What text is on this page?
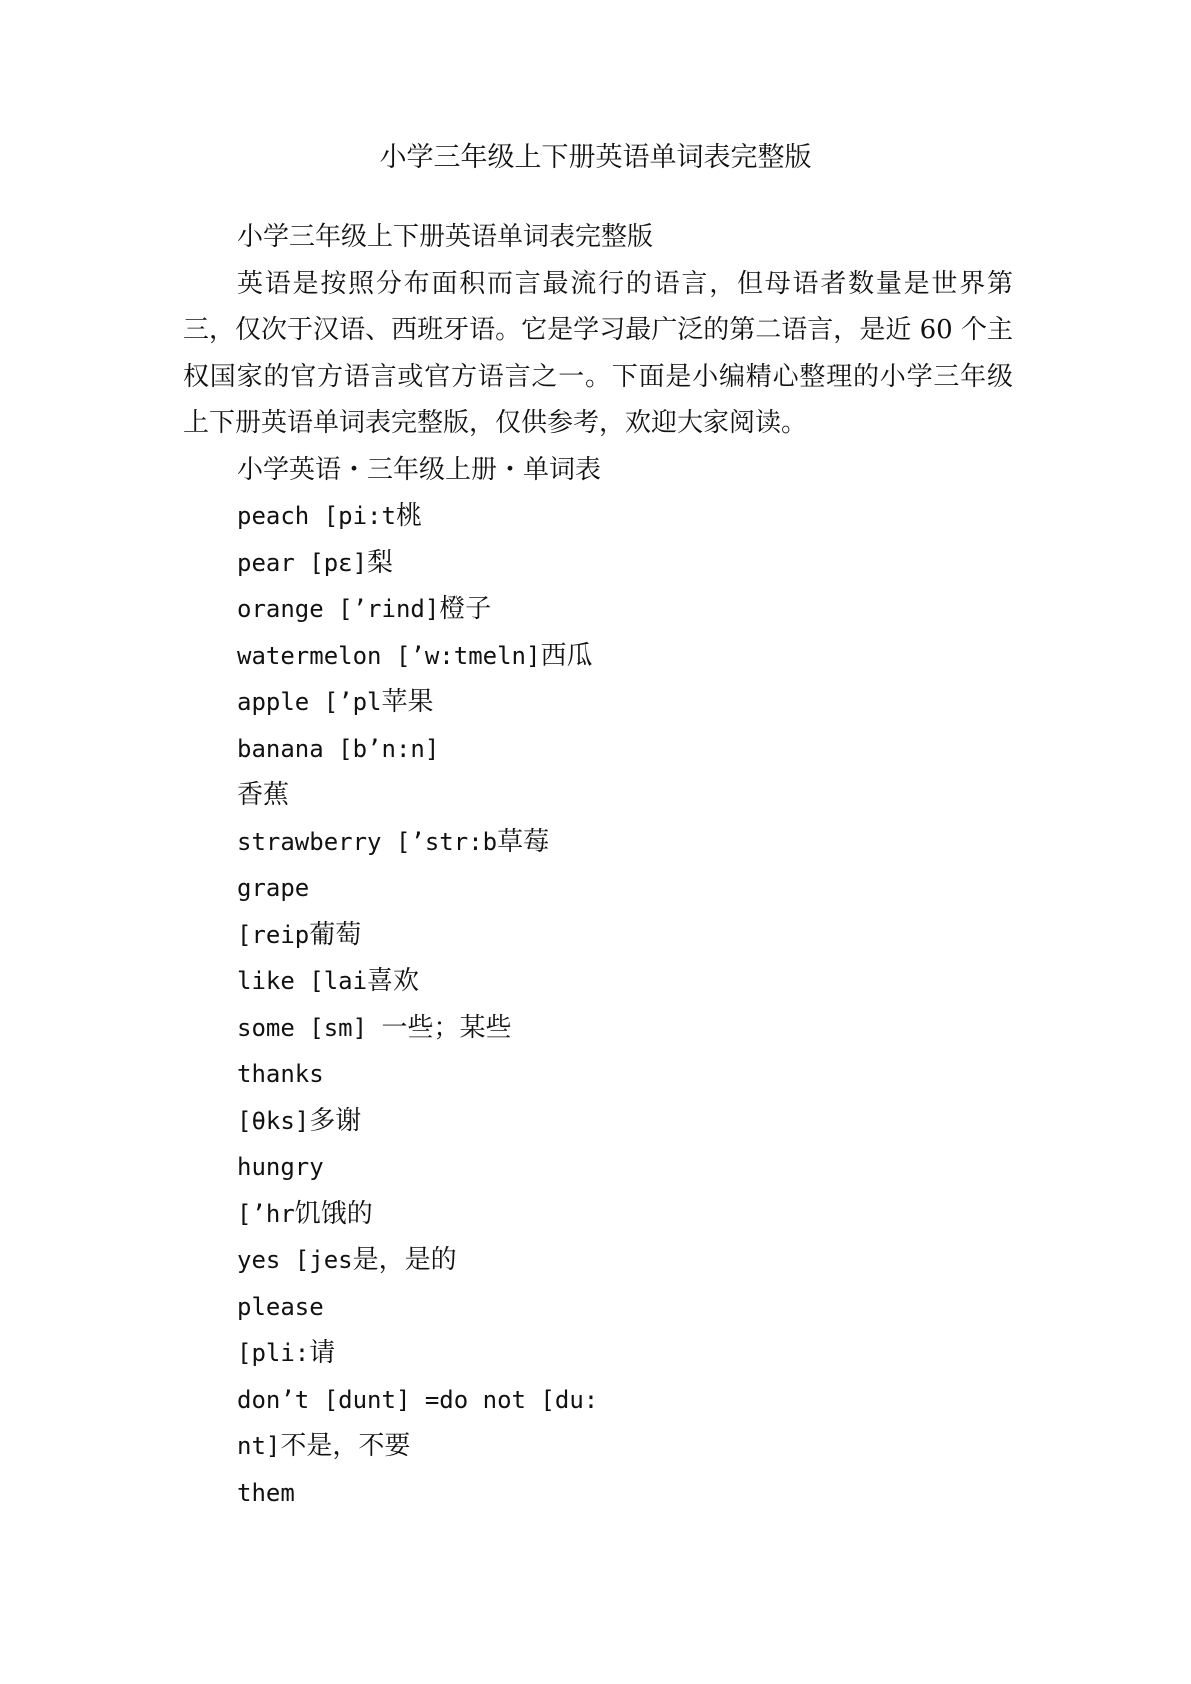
小学三年级上下册英语单词表完整版

小学三年级上下册英语单词表完整版

英语是按照分布面积而言最流行的语言，但母语者数量是世界第三，仅次于汉语、西班牙语。它是学习最广泛的第二语言，是近 60 个主权国家的官方语言或官方语言之一。下面是小编精心整理的小学三年级上下册英语单词表完整版，仅供参考，欢迎大家阅读。

小学英语・三年级上册・单词表

peach [pi:t桃
pear [pɛ]梨
orange [’rind]橙子
watermelon [’w:tmeln]西瓜
apple [’pl苹果
banana [b’n:n]
香蕉
strawberry [’str:b草莓
grape
[reip葡萄
like [lai喜欢
some [sm] 一些；某些
thanks
[θks]多谢
hungry
[’hr饥饿的
yes [jes是，是的
please
[pli:请
don’t [dunt] =do not [du:
nt]不是，不要
them
